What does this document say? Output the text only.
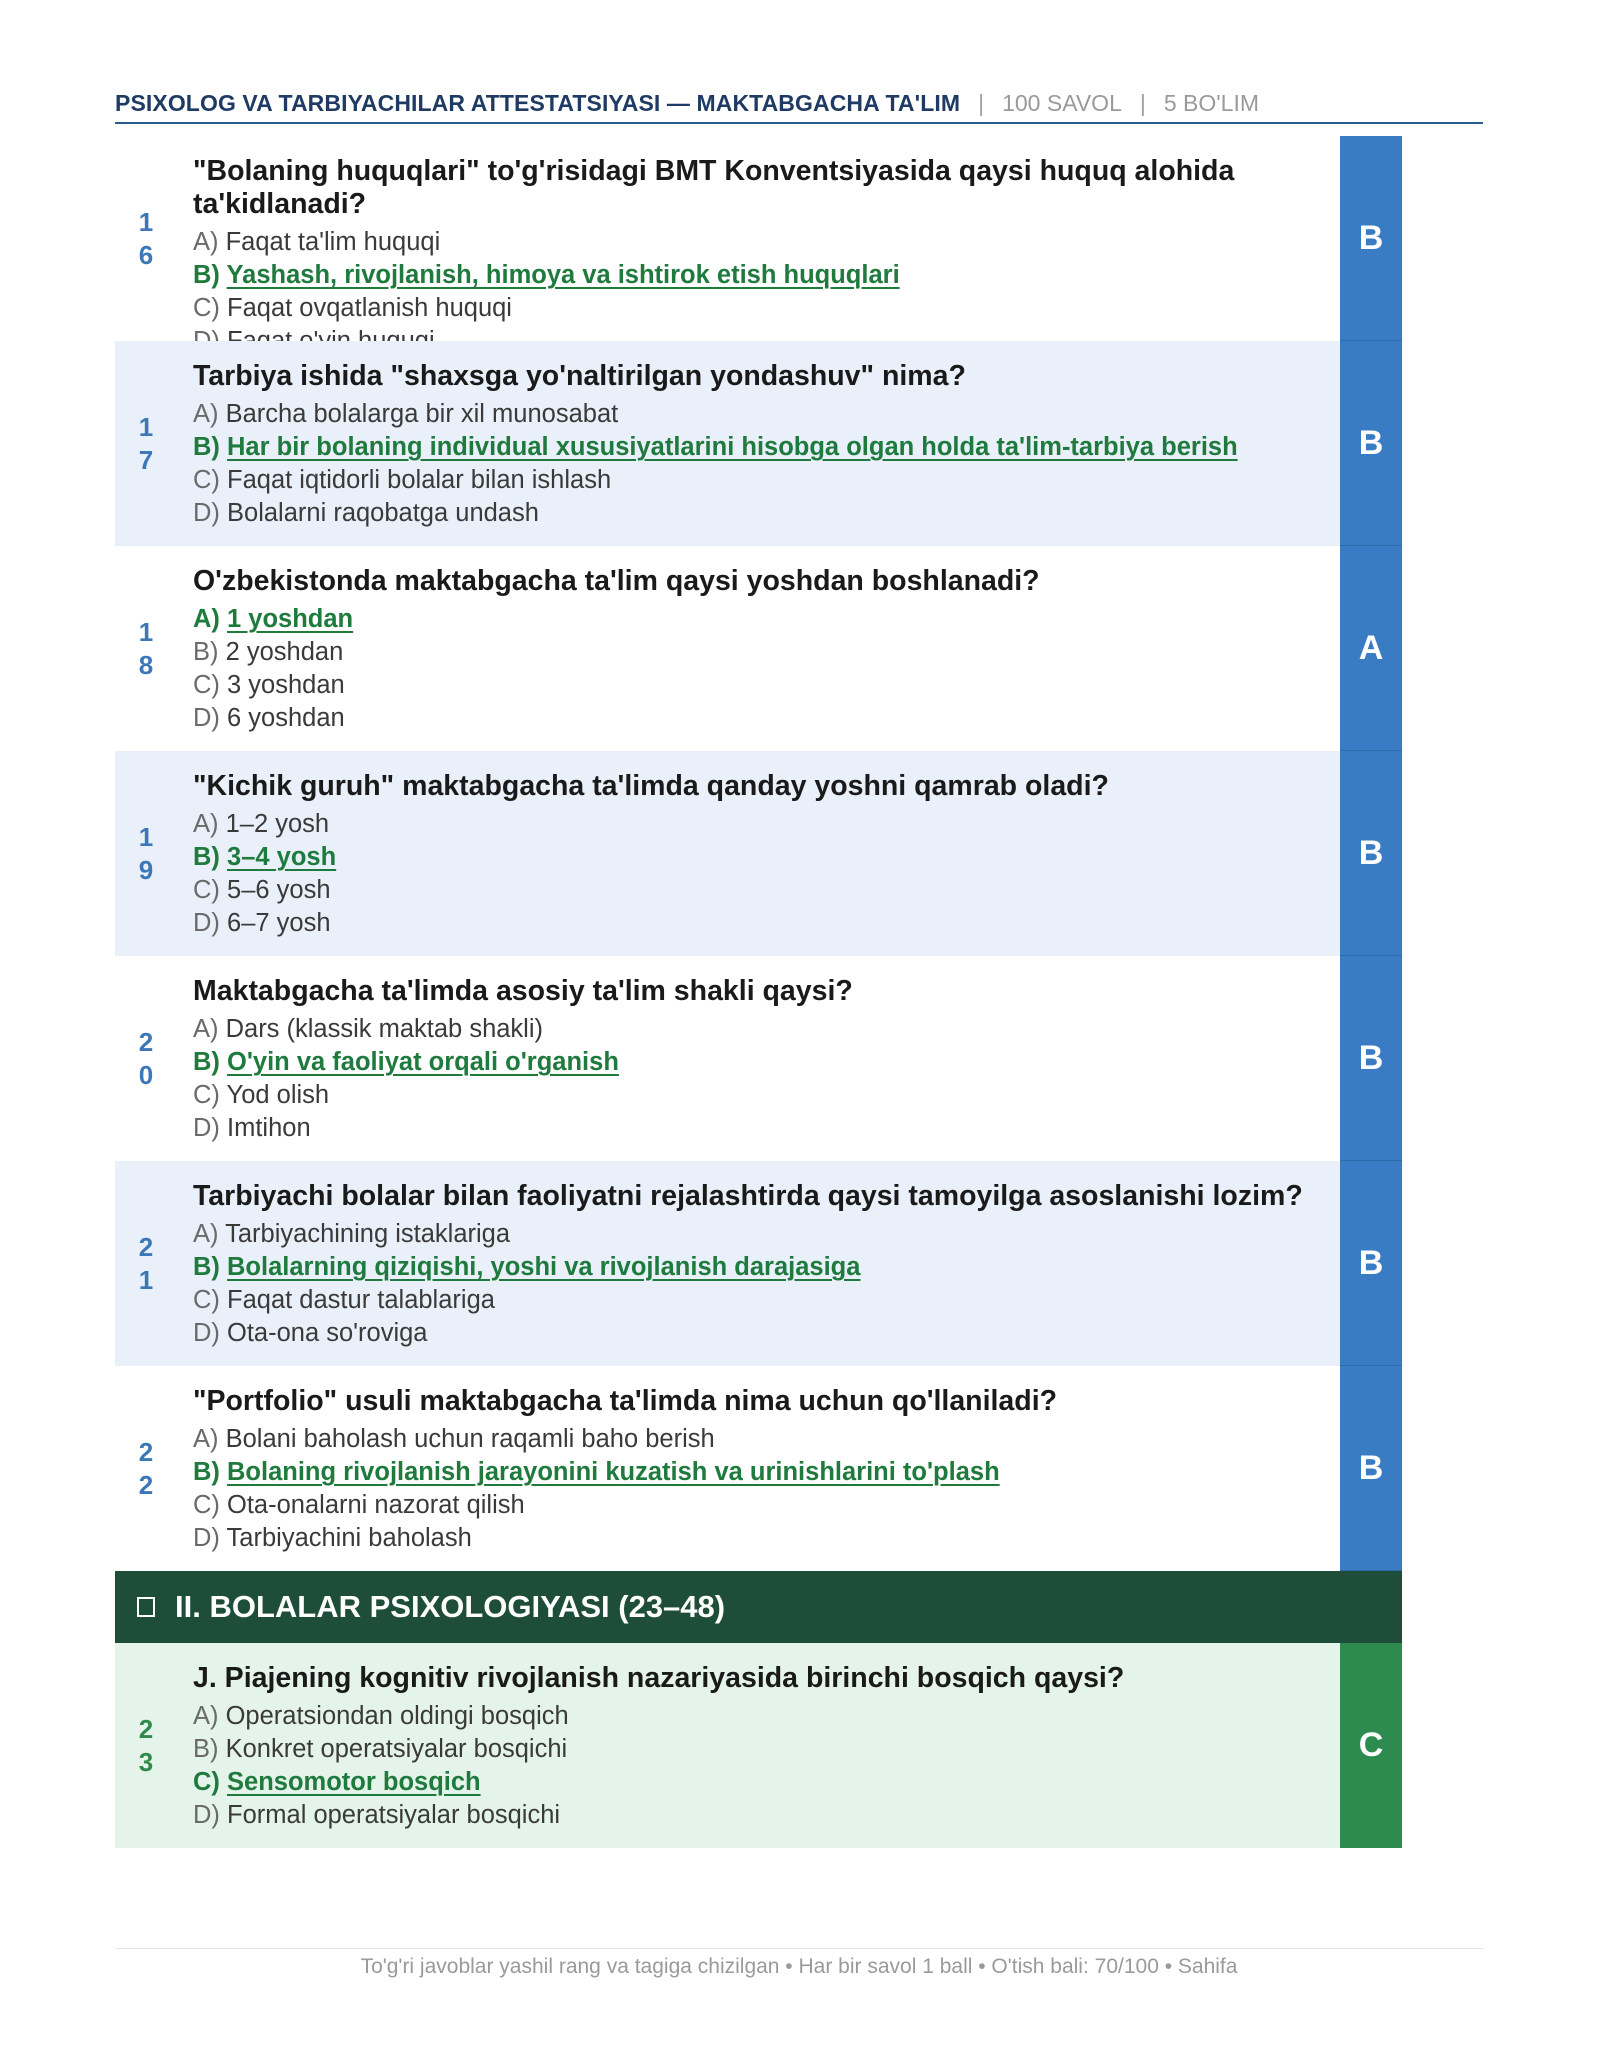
PSIXOLOG VA TARBIYACHILAR ATTESTATSIYASI — MAKTABGACHA TA'LIM | 100 SAVOL | 5 BO'LIM
1
6
"Bolaning huquqlari" to'g'risidagi BMT Konventsiyasida qaysi huquq alohida ta'kidlanadi?
A) Faqat ta'lim huquqi
B) Yashash, rivojlanish, himoya va ishtirok etish huquqlari
C) Faqat ovqatlanish huquqi
B
1
7
Tarbiya ishida "shaxsga yo'naltirilgan yondashuv" nima?
A) Barcha bolalarga bir xil munosabat
B) Har bir bolaning individual xususiyatlarini hisobga olgan holda ta'lim-tarbiya berish
C) Faqat iqtidorli bolalar bilan ishlash
D) Bolalarni raqobatga undash
B
1
8
O'zbekistonda maktabgacha ta'lim qaysi yoshdan boshlanadi?
A) 1 yoshdan
B) 2 yoshdan
C) 3 yoshdan
D) 6 yoshdan
A
1
9
"Kichik guruh" maktabgacha ta'limda qanday yoshni qamrab oladi?
A) 1–2 yosh
B) 3–4 yosh
C) 5–6 yosh
D) 6–7 yosh
B
2
0
Maktabgacha ta'limda asosiy ta'lim shakli qaysi?
A) Dars (klassik maktab shakli)
B) O'yin va faoliyat orqali o'rganish
C) Yod olish
D) Imtihon
B
2
1
Tarbiyachi bolalar bilan faoliyatni rejalashtirda qaysi tamoyilga asoslanishi lozim?
A) Tarbiyachining istaklariga
B) Bolalarning qiziqishi, yoshi va rivojlanish darajasiga
C) Faqat dastur talablariga
D) Ota-ona so'roviga
B
2
2
"Portfolio" usuli maktabgacha ta'limda nima uchun qo'llaniladi?
A) Bolani baholash uchun raqamli baho berish
B) Bolaning rivojlanish jarayonini kuzatish va urinishlarini to'plash
C) Ota-onalarni nazorat qilish
D) Tarbiyachini baholash
B
II. BOLALAR PSIXOLOGIYASI (23–48)
2
3
J. Piajening kognitiv rivojlanish nazariyasida birinchi bosqich qaysi?
A) Operatsiondan oldingi bosqich
B) Konkret operatsiyalar bosqichi
C) Sensomotor bosqich
D) Formal operatsiyalar bosqichi
C
To'g'ri javoblar yashil rang va tagiga chizilgan • Har bir savol 1 ball • O'tish bali: 70/100 • Sahifa
